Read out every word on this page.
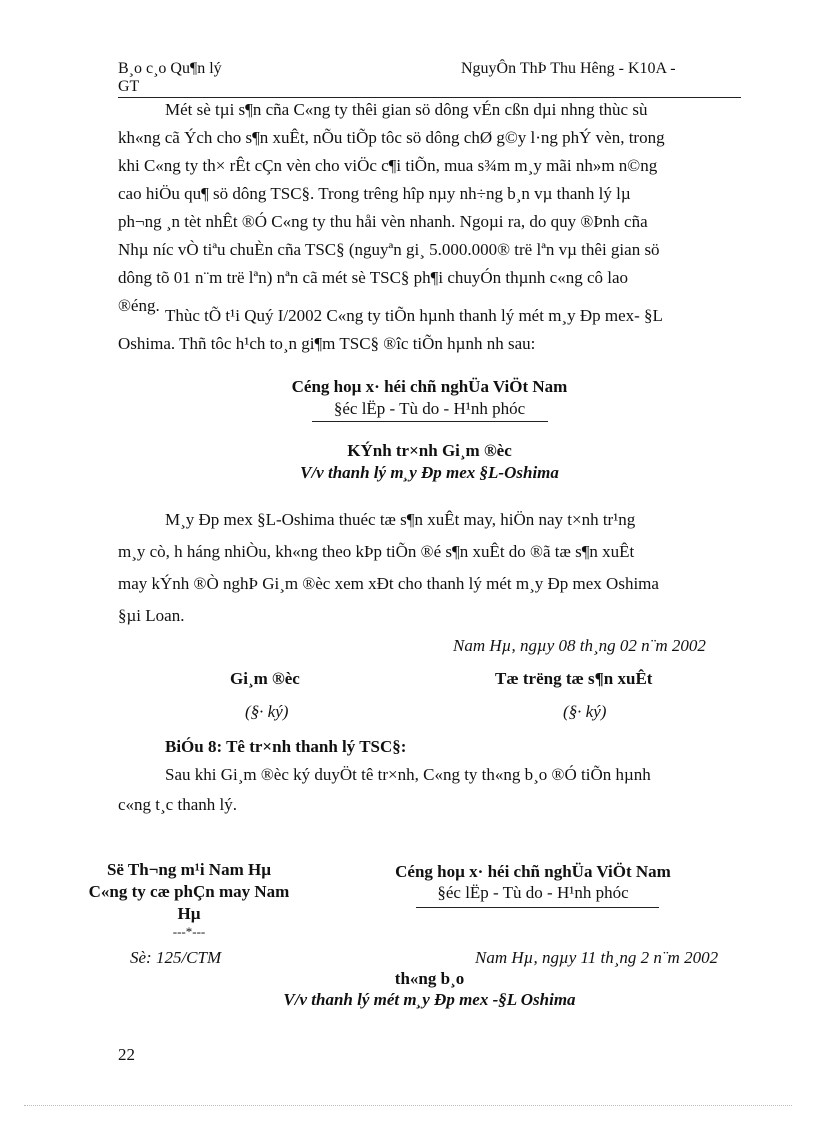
B¸o c¸o Qu¶n lý	NguyÔn ThÞ Thu Hêng - K10A -
GT
Mét sè tµi s¶n cña C«ng ty thêi gian sö dông vÉn cßn dµi nhng thùc sù
kh«ng cã Ých cho s¶n xuÊt, nÕu tiÕp tôc sö dông chØ g©y l·ng phÝ vèn, trong
khi C«ng ty th× rÊt cÇn vèn cho viÖc c¶i tiÕn, mua s¾m m¸y mãi nh»m n©ng
cao hiÖu qu¶ sö dông TSC§. Trong trêng hîp nµy nh÷ng b¸n vµ thanh lý lµ
ph¬ng ¸n tèt nhÊt ®Ó C«ng ty thu håi vèn nhanh. Ngoµi ra, do quy ®Þnh cña
Nhµ níc vÒ tiªu chuÈn cña TSC§ (nguyªn gi¸ 5.000.000® trë lªn vµ thêi gian sö
dông tõ 01 n¨m trë lªn) nªn cã mét sè TSC§ ph¶i chuyÓn thµnh c«ng cô lao
®éng.
Thùc tÕ t¹i Quý I/2002 C«ng ty tiÕn hµnh thanh lý mét m¸y Ðp mex- §L
Oshima. Thñ tôc h¹ch to¸n gi¶m TSC§ ®îc tiÕn hµnh nh sau:
Céng hoµ x· héi chñ nghÜa ViÖt Nam
§éc lËp - Tù do - H¹nh phóc
KÝnh tr×nh Gi¸m ®èc
V/v thanh lý m¸y Ðp mex §L-Oshima
M¸y Ðp mex §L-Oshima thuéc tæ s¶n xuÊt may, hiÖn nay t×nh tr¹ng
m¸y cò, h háng nhiÒu, kh«ng theo kÞp tiÕn ®é s¶n xuÊt do ®ã tæ s¶n xuÊt
may kÝnh ®Ò nghÞ Gi¸m ®èc xem xÐt cho thanh lý mét m¸y Ðp mex Oshima
§µi Loan.
Nam Hµ, ngµy 08 th¸ng 02 n¨m 2002
Gi¸m ®èc	Tæ trëng tæ s¶n xuÊt
(§· ký)	(§· ký)
BiÓu 8: Tê tr×nh thanh lý TSC§:
Sau khi Gi¸m ®èc ký duyÖt tê tr×nh, C«ng ty th«ng b¸o ®Ó tiÕn hµnh
c«ng t¸c thanh lý.
Së Th¬ng m¹i Nam Hµ
C«ng ty cæ phÇn may Nam
Hµ
---*---
Céng hoµ x· héi chñ nghÜa ViÖt Nam
§éc lËp - Tù do - H¹nh phóc
Sè: 125/CTM	Nam Hµ, ngµy 11 th¸ng 2 n¨m 2002
th«ng b¸o
V/v thanh lý mét m¸y Ðp mex -§L Oshima
22
